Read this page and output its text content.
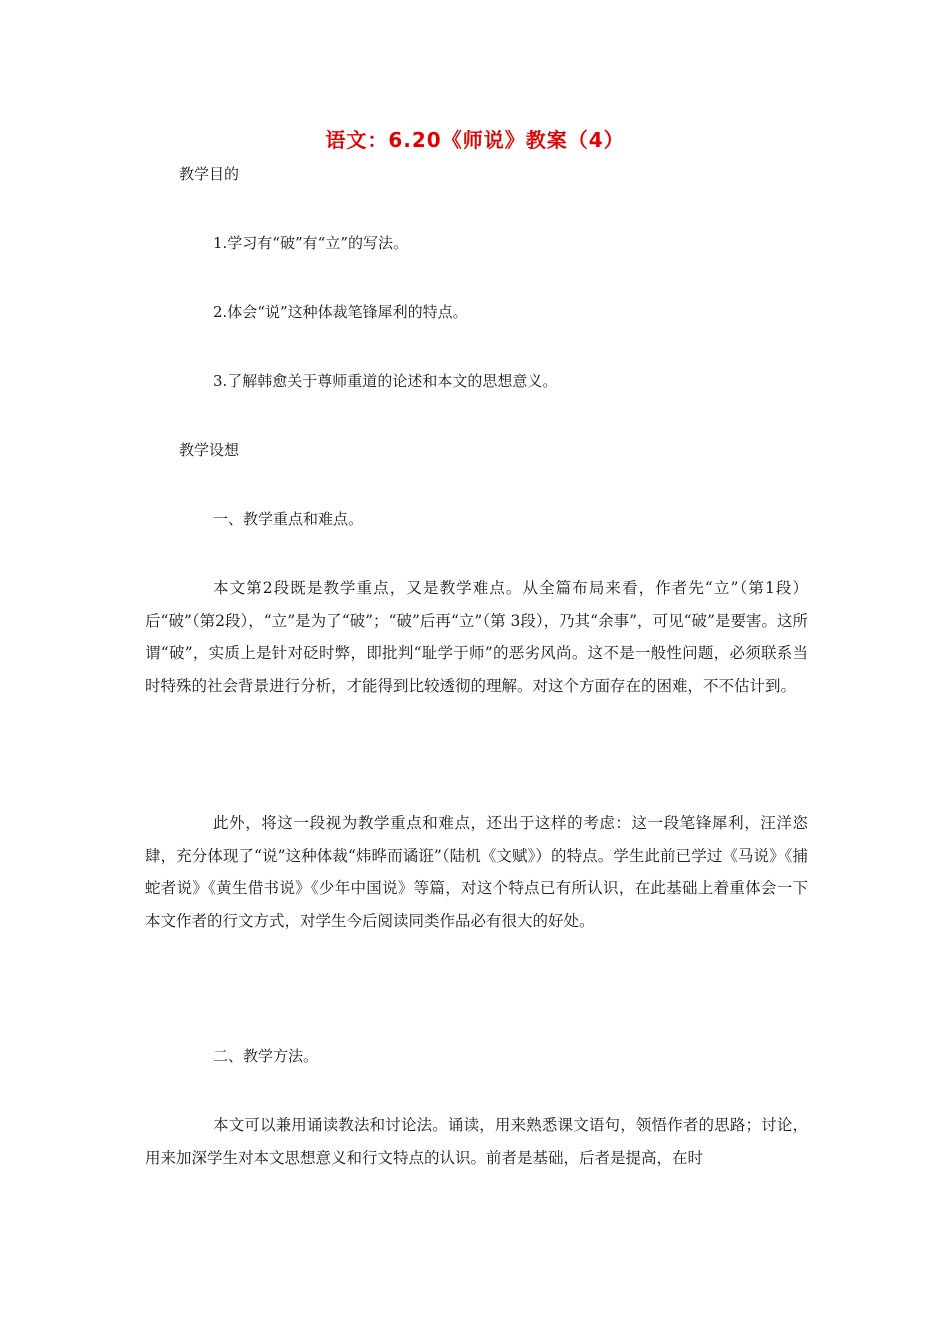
语文：6.20《师说》教案（4）

教学目的

1.学习有“破”有“立”的写法。

2.体会“说”这种体裁笔锋犀利的特点。

3.了解韩愈关于尊师重道的论述和本文的思想意义。

教学设想

一、教学重点和难点。

本文第2段既是教学重点，又是教学难点。从全篇布局来看，作者先“立”（第1段）后“破”（第2段），“立”是为了“破”；“破”后再“立”（第 3段），乃其“余事”，可见“破”是要害。这所谓“破”，实质上是针对砭时弊，即批判“耻学于师”的恶劣风尚。这不是一般性问题，必须联系当时特殊的社会背景进行分析，才能得到比较透彻的理解。对这个方面存在的困难，不不估计到。

此外，将这一段视为教学重点和难点，还出于这样的考虑：这一段笔锋犀利，汪洋恣肆，充分体现了“说”这种体裁“炜晔而谲诳”（陆机《文赋》）的特点。学生此前已学过《马说》《捕蛇者说》《黄生借书说》《少年中国说》等篇，对这个特点已有所认识，在此基础上着重体会一下本文作者的行文方式，对学生今后阅读同类作品必有很大的好处。

二、教学方法。

本文可以兼用诵读教法和讨论法。诵读，用来熟悉课文语句，领悟作者的思路；讨论，用来加深学生对本文思想意义和行文特点的认识。前者是基础，后者是提高，在时
